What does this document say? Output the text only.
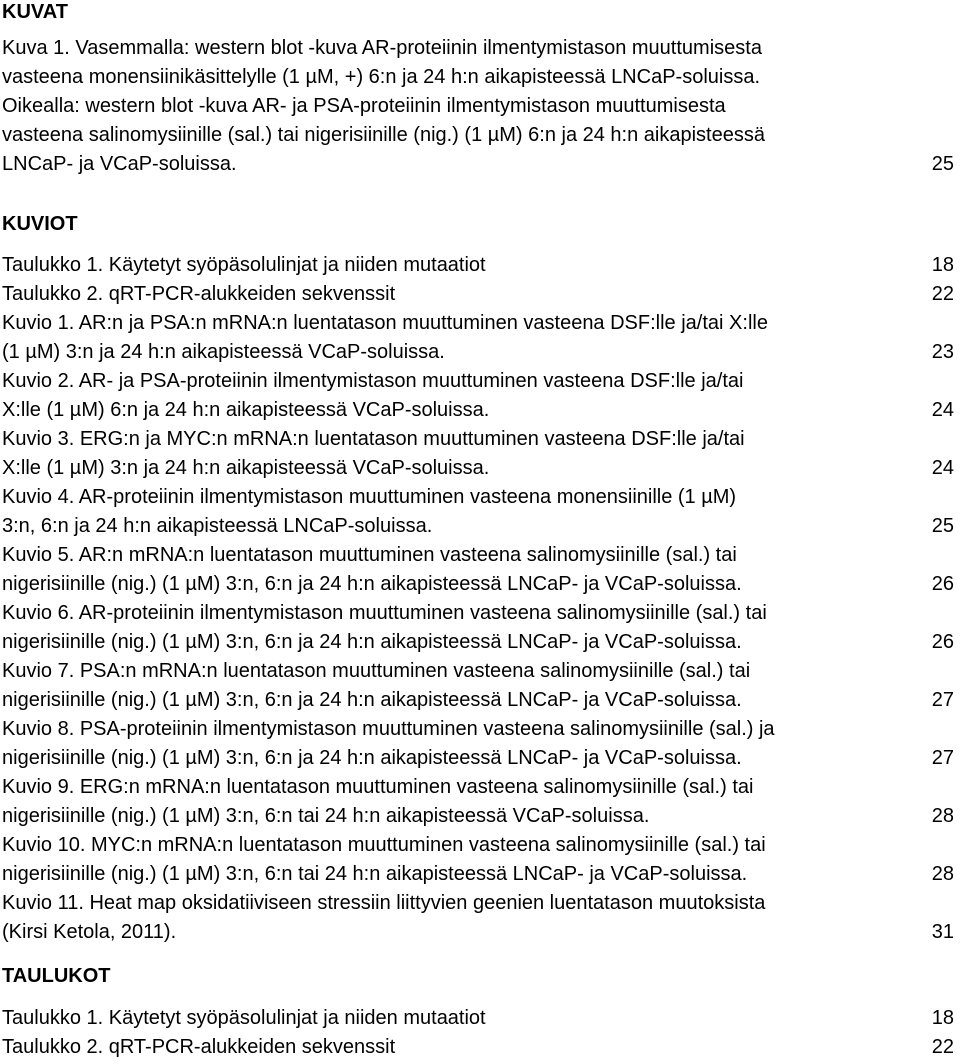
KUVAT
Kuva 1. Vasemmalla: western blot -kuva AR-proteiinin ilmentymistason muuttumisesta
vasteena monensiinikäsittelylle (1 µM, +) 6:n ja 24 h:n aikapisteessä LNCaP-soluissa.
Oikealla: western blot -kuva AR- ja PSA-proteiinin ilmentymistason muuttumisesta
vasteena salinomysiinille (sal.) tai nigerisiinille (nig.) (1 µM) 6:n ja 24 h:n aikapisteessä
LNCaP- ja VCaP-soluissa.	25
KUVIOT
Taulukko 1. Käytetyt syöpäsolulinjat ja niiden mutaatiot	18
Taulukko 2. qRT-PCR-alukkeiden sekvenssit	22
Kuvio 1. AR:n ja PSA:n mRNA:n luentatason muuttuminen vasteena DSF:lle ja/tai X:lle
(1 µM) 3:n ja 24 h:n aikapisteessä VCaP-soluissa.	23
Kuvio 2. AR- ja PSA-proteiinin ilmentymistason muuttuminen vasteena DSF:lle ja/tai
X:lle (1 µM) 6:n ja 24 h:n aikapisteessä VCaP-soluissa.	24
Kuvio 3. ERG:n ja MYC:n mRNA:n luentatason muuttuminen vasteena DSF:lle ja/tai
X:lle (1 µM) 3:n ja 24 h:n aikapisteessä VCaP-soluissa.	24
Kuvio 4. AR-proteiinin ilmentymistason muuttuminen vasteena monensiinille (1 µM)
3:n, 6:n ja 24 h:n aikapisteessä LNCaP-soluissa.	25
Kuvio 5. AR:n mRNA:n luentatason muuttuminen vasteena salinomysiinille (sal.) tai
nigerisiinille (nig.) (1 µM) 3:n, 6:n ja 24 h:n aikapisteessä LNCaP- ja VCaP-soluissa.	26
Kuvio 6. AR-proteiinin ilmentymistason muuttuminen vasteena salinomysiinille (sal.) tai
nigerisiinille (nig.) (1 µM) 3:n, 6:n ja 24 h:n aikapisteessä LNCaP- ja VCaP-soluissa.	26
Kuvio 7. PSA:n mRNA:n luentatason muuttuminen vasteena salinomysiinille (sal.) tai
nigerisiinille (nig.) (1 µM) 3:n, 6:n ja 24 h:n aikapisteessä LNCaP- ja VCaP-soluissa.	27
Kuvio 8. PSA-proteiinin ilmentymistason muuttuminen vasteena salinomysiinille (sal.) ja
nigerisiinille (nig.) (1 µM) 3:n, 6:n ja 24 h:n aikapisteessä LNCaP- ja VCaP-soluissa.	27
Kuvio 9. ERG:n mRNA:n luentatason muuttuminen vasteena salinomysiinille (sal.) tai
nigerisiinille (nig.) (1 µM) 3:n, 6:n tai 24 h:n aikapisteessä VCaP-soluissa.	28
Kuvio 10. MYC:n mRNA:n luentatason muuttuminen vasteena salinomysiinille (sal.) tai
nigerisiinille (nig.) (1 µM) 3:n, 6:n tai 24 h:n aikapisteessä LNCaP- ja VCaP-soluissa.	28
Kuvio 11. Heat map oksidatiiviseen stressiin liittyvien geenien luentatason muutoksista
(Kirsi Ketola, 2011).	31
TAULUKOT
Taulukko 1. Käytetyt syöpäsolulinjat ja niiden mutaatiot	18
Taulukko 2. qRT-PCR-alukkeiden sekvenssit	22
